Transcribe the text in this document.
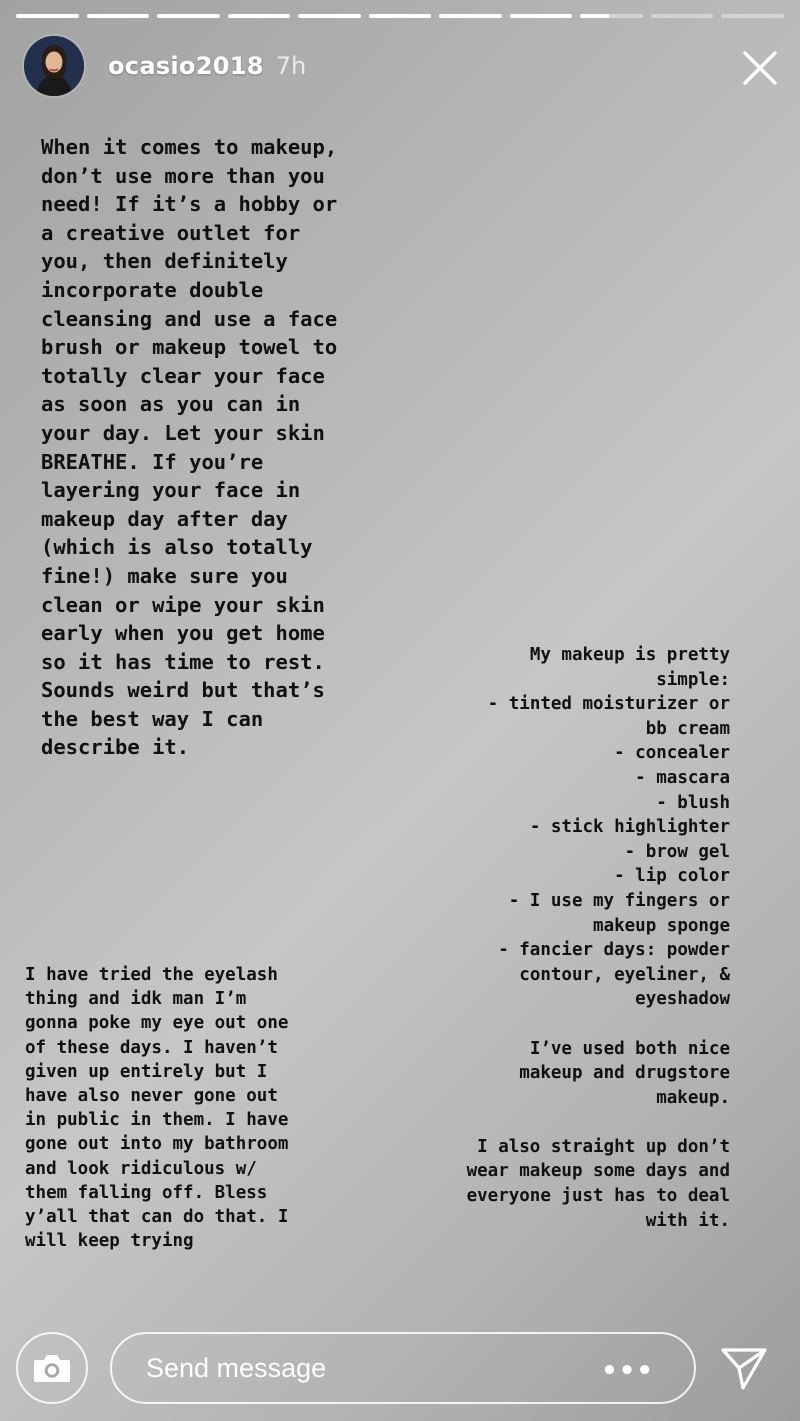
ocasio2018 7h

When it comes to makeup,
don’t use more than you
need! If it’s a hobby or
a creative outlet for
you, then definitely
incorporate double
cleansing and use a face
brush or makeup towel to
totally clear your face
as soon as you can in
your day. Let your skin
BREATHE. If you’re
layering your face in
makeup day after day
(which is also totally
fine!) make sure you
clean or wipe your skin
early when you get home
so it has time to rest.
Sounds weird but that’s
the best way I can
describe it.

I have tried the eyelash
thing and idk man I’m
gonna poke my eye out one
of these days. I haven’t
given up entirely but I
have also never gone out
in public in them. I have
gone out into my bathroom
and look ridiculous w/
them falling off. Bless
y’all that can do that. I
will keep trying

My makeup is pretty
simple:
- tinted moisturizer or
bb cream
- concealer
- mascara
- blush
- stick highlighter
- brow gel
- lip color
- I use my fingers or
makeup sponge
- fancier days: powder
contour, eyeliner, &
eyeshadow

I’ve used both nice
makeup and drugstore
makeup.

I also straight up don’t
wear makeup some days and
everyone just has to deal
with it.

Send message	•••
